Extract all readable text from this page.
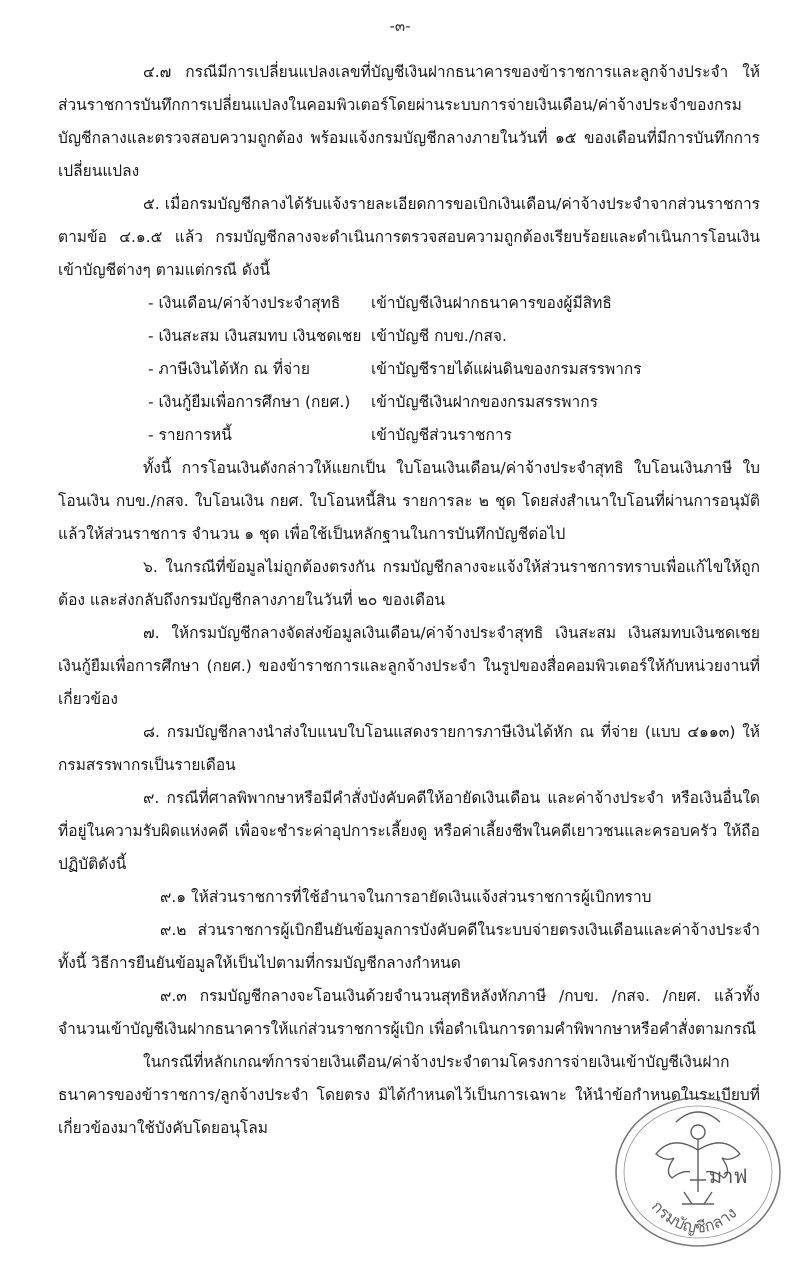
-๓-

๔.๗ กรณีมีการเปลี่ยนแปลงเลขที่บัญชีเงินฝากธนาคารของข้าราชการและลูกจ้างประจำ ให้ส่วนราชการบันทึกการเปลี่ยนแปลงในคอมพิวเตอร์โดยผ่านระบบการจ่ายเงินเดือน/ค่าจ้างประจำของกรมบัญชีกลางและตรวจสอบความถูกต้อง พร้อมแจ้งกรมบัญชีกลางภายในวันที่ ๑๕ ของเดือนที่มีการบันทึกการเปลี่ยนแปลง

๕. เมื่อกรมบัญชีกลางได้รับแจ้งรายละเอียดการขอเบิกเงินเดือน/ค่าจ้างประจำจากส่วนราชการตามข้อ ๔.๑.๕ แล้ว กรมบัญชีกลางจะดำเนินการตรวจสอบความถูกต้องเรียบร้อยและดำเนินการโอนเงินเข้าบัญชีต่างๆ ตามแต่กรณี ดังนี้

- เงินเดือน/ค่าจ้างประจำสุทธิ	เข้าบัญชีเงินฝากธนาคารของผู้มีสิทธิ
- เงินสะสม เงินสมทบ เงินชดเชย เข้าบัญชี กบข./กสจ.
- ภาษีเงินได้หัก ณ ที่จ่าย	เข้าบัญชีรายได้แผ่นดินของกรมสรรพากร
- เงินกู้ยืมเพื่อการศึกษา (กยศ.)	เข้าบัญชีเงินฝากของกรมสรรพากร
- รายการหนี้	เข้าบัญชีส่วนราชการ

ทั้งนี้ การโอนเงินดังกล่าวให้แยกเป็น ใบโอนเงินเดือน/ค่าจ้างประจำสุทธิ ใบโอนเงินภาษี ใบโอนเงิน กบข./กสจ. ใบโอนเงิน กยศ. ใบโอนหนี้สิน รายการละ ๒ ชุด โดยส่งสำเนาใบโอนที่ผ่านการอนุมัติแล้วให้ส่วนราชการ จำนวน ๑ ชุด เพื่อใช้เป็นหลักฐานในการบันทึกบัญชีต่อไป

๖. ในกรณีที่ข้อมูลไม่ถูกต้องตรงกัน กรมบัญชีกลางจะแจ้งให้ส่วนราชการทราบเพื่อแก้ไขให้ถูกต้อง และส่งกลับถึงกรมบัญชีกลางภายในวันที่ ๒๐ ของเดือน

๗. ให้กรมบัญชีกลางจัดส่งข้อมูลเงินเดือน/ค่าจ้างประจำสุทธิ เงินสะสม เงินสมทบเงินชดเชย เงินกู้ยืมเพื่อการศึกษา (กยศ.) ของข้าราชการและลูกจ้างประจำ ในรูปของสื่อคอมพิวเตอร์ให้กับหน่วยงานที่เกี่ยวข้อง

๘. กรมบัญชีกลางนำส่งใบแนบใบโอนแสดงรายการภาษีเงินได้หัก ณ ที่จ่าย (แบบ ๔๑๑๓) ให้กรมสรรพากรเป็นรายเดือน

๙. กรณีที่ศาลพิพากษาหรือมีคำสั่งบังคับคดีให้อายัดเงินเดือน และค่าจ้างประจำ หรือเงินอื่นใดที่อยู่ในความรับผิดแห่งคดี เพื่อจะชำระค่าอุปการะเลี้ยงดู หรือค่าเลี้ยงชีพในคดีเยาวชนและครอบครัว ให้ถือปฏิบัติดังนี้

๙.๑ ให้ส่วนราชการที่ใช้อำนาจในการอายัดเงินแจ้งส่วนราชการผู้เบิกทราบ

๙.๒ ส่วนราชการผู้เบิกยืนยันข้อมูลการบังคับคดีในระบบจ่ายตรงเงินเดือนและค่าจ้างประจำ ทั้งนี้ วิธีการยืนยันข้อมูลให้เป็นไปตามที่กรมบัญชีกลางกำหนด

๙.๓ กรมบัญชีกลางจะโอนเงินด้วยจำนวนสุทธิหลังหักภาษี /กบข. /กสจ. /กยศ. แล้วทั้งจำนวนเข้าบัญชีเงินฝากธนาคารให้แก่ส่วนราชการผู้เบิก เพื่อดำเนินการตามคำพิพากษาหรือคำสั่งตามกรณี

ในกรณีที่หลักเกณฑ์การจ่ายเงินเดือน/ค่าจ้างประจำตามโครงการจ่ายเงินเข้าบัญชีเงินฝากธนาคารของข้าราชการ/ลูกจ้างประจำ โดยตรง มิได้กำหนดไว้เป็นการเฉพาะ ให้นำข้อกำหนดในระเบียบที่เกี่ยวข้องมาใช้บังคับโดยอนุโลม

มาฟ
กรมบัญชีกลาง
